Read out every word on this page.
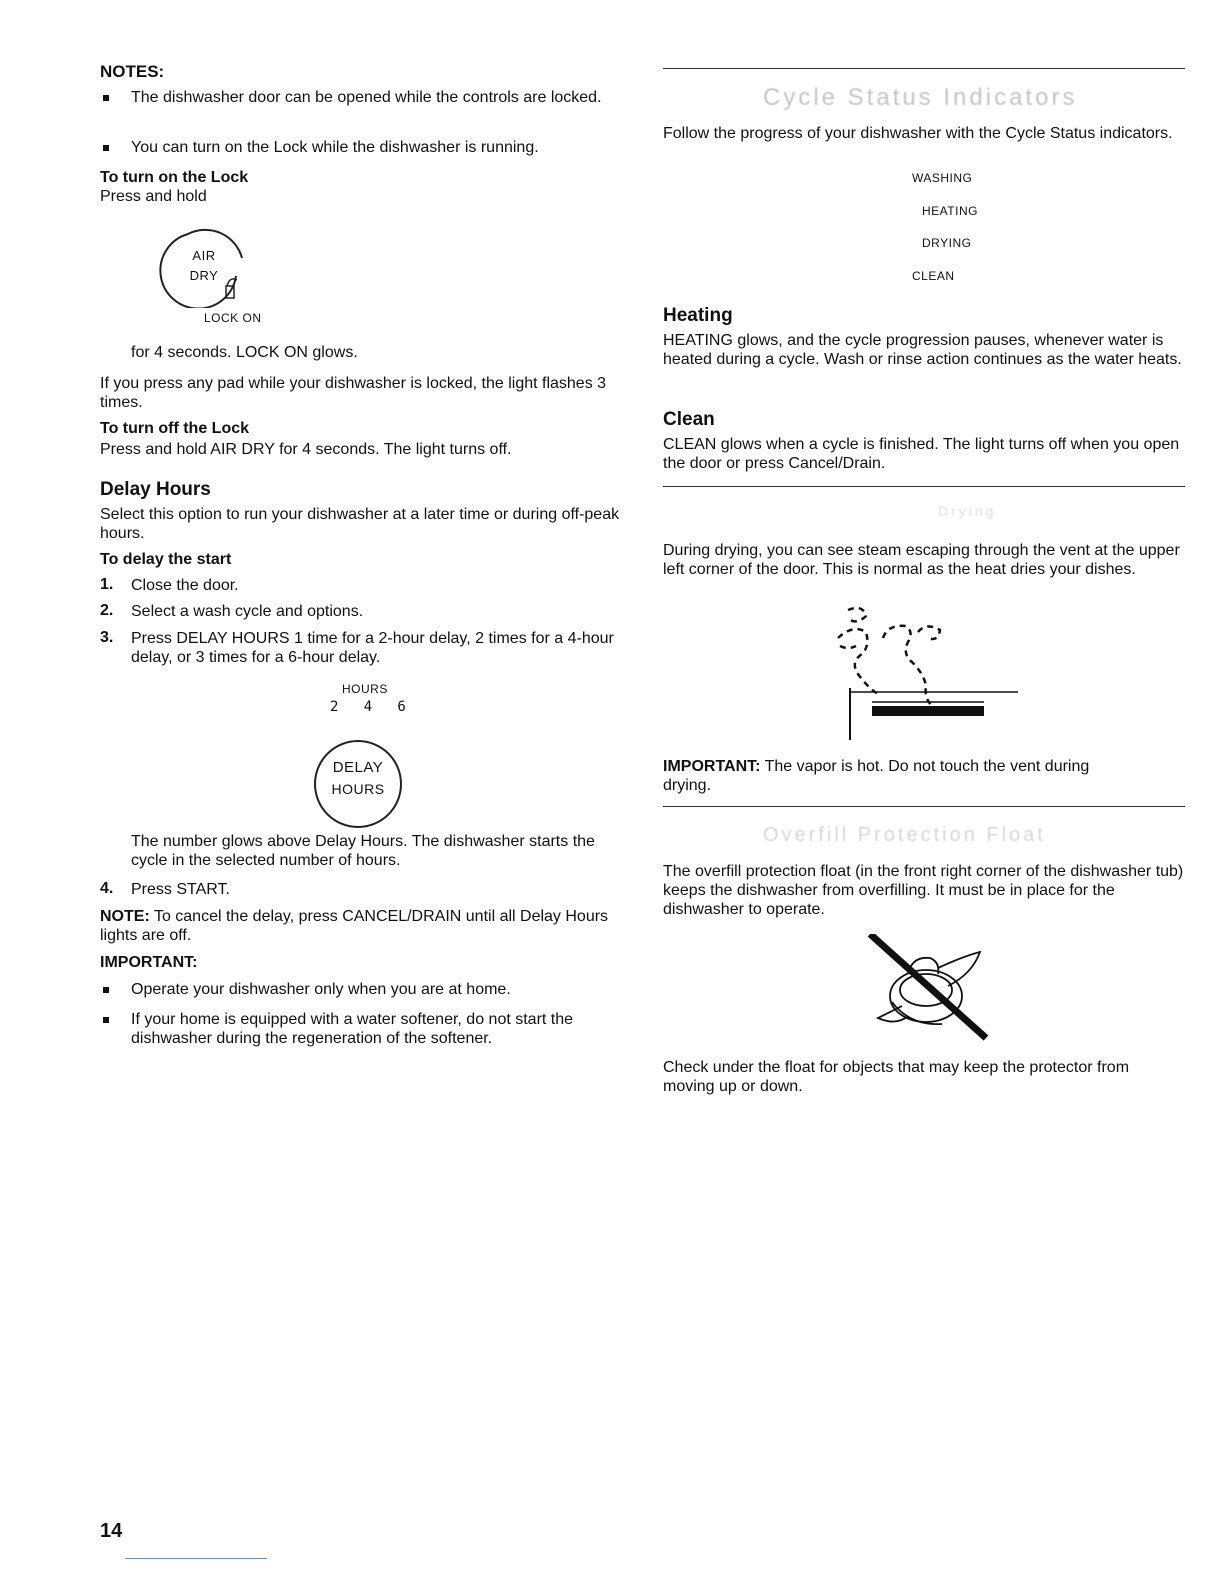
NOTES:
The dishwasher door can be opened while the controls are locked.
You can turn on the Lock while the dishwasher is running.
To turn on the Lock
Press and hold
AIR
DRY
LOCK ON
for 4 seconds. LOCK ON glows.
If you press any pad while your dishwasher is locked, the light flashes 3 times.
To turn off the Lock
Press and hold AIR DRY for 4 seconds. The light turns off.
Delay Hours
Select this option to run your dishwasher at a later time or during off-peak hours.
To delay the start
1. Close the door.
2. Select a wash cycle and options.
3. Press DELAY HOURS 1 time for a 2-hour delay, 2 times for a 4-hour delay, or 3 times for a 6-hour delay.
HOURS
2   4   6
DELAY
HOURS
The number glows above Delay Hours. The dishwasher starts the cycle in the selected number of hours.
4. Press START.
NOTE: To cancel the delay, press CANCEL/DRAIN until all Delay Hours lights are off.
IMPORTANT:
Operate your dishwasher only when you are at home.
If your home is equipped with a water softener, do not start the dishwasher during the regeneration of the softener.
14
Cycle Status Indicators
Follow the progress of your dishwasher with the Cycle Status indicators.
WASHING
HEATING
DRYING
CLEAN
Heating
HEATING glows, and the cycle progression pauses, whenever water is heated during a cycle. Wash or rinse action continues as the water heats.
Clean
CLEAN glows when a cycle is finished. The light turns off when you open the door or press Cancel/Drain.
Drying
During drying, you can see steam escaping through the vent at the upper left corner of the door. This is normal as the heat dries your dishes.
IMPORTANT: The vapor is hot. Do not touch the vent during drying.
Overfill Protection Float
The overfill protection float (in the front right corner of the dishwasher tub) keeps the dishwasher from overfilling. It must be in place for the dishwasher to operate.
Check under the float for objects that may keep the protector from moving up or down.
